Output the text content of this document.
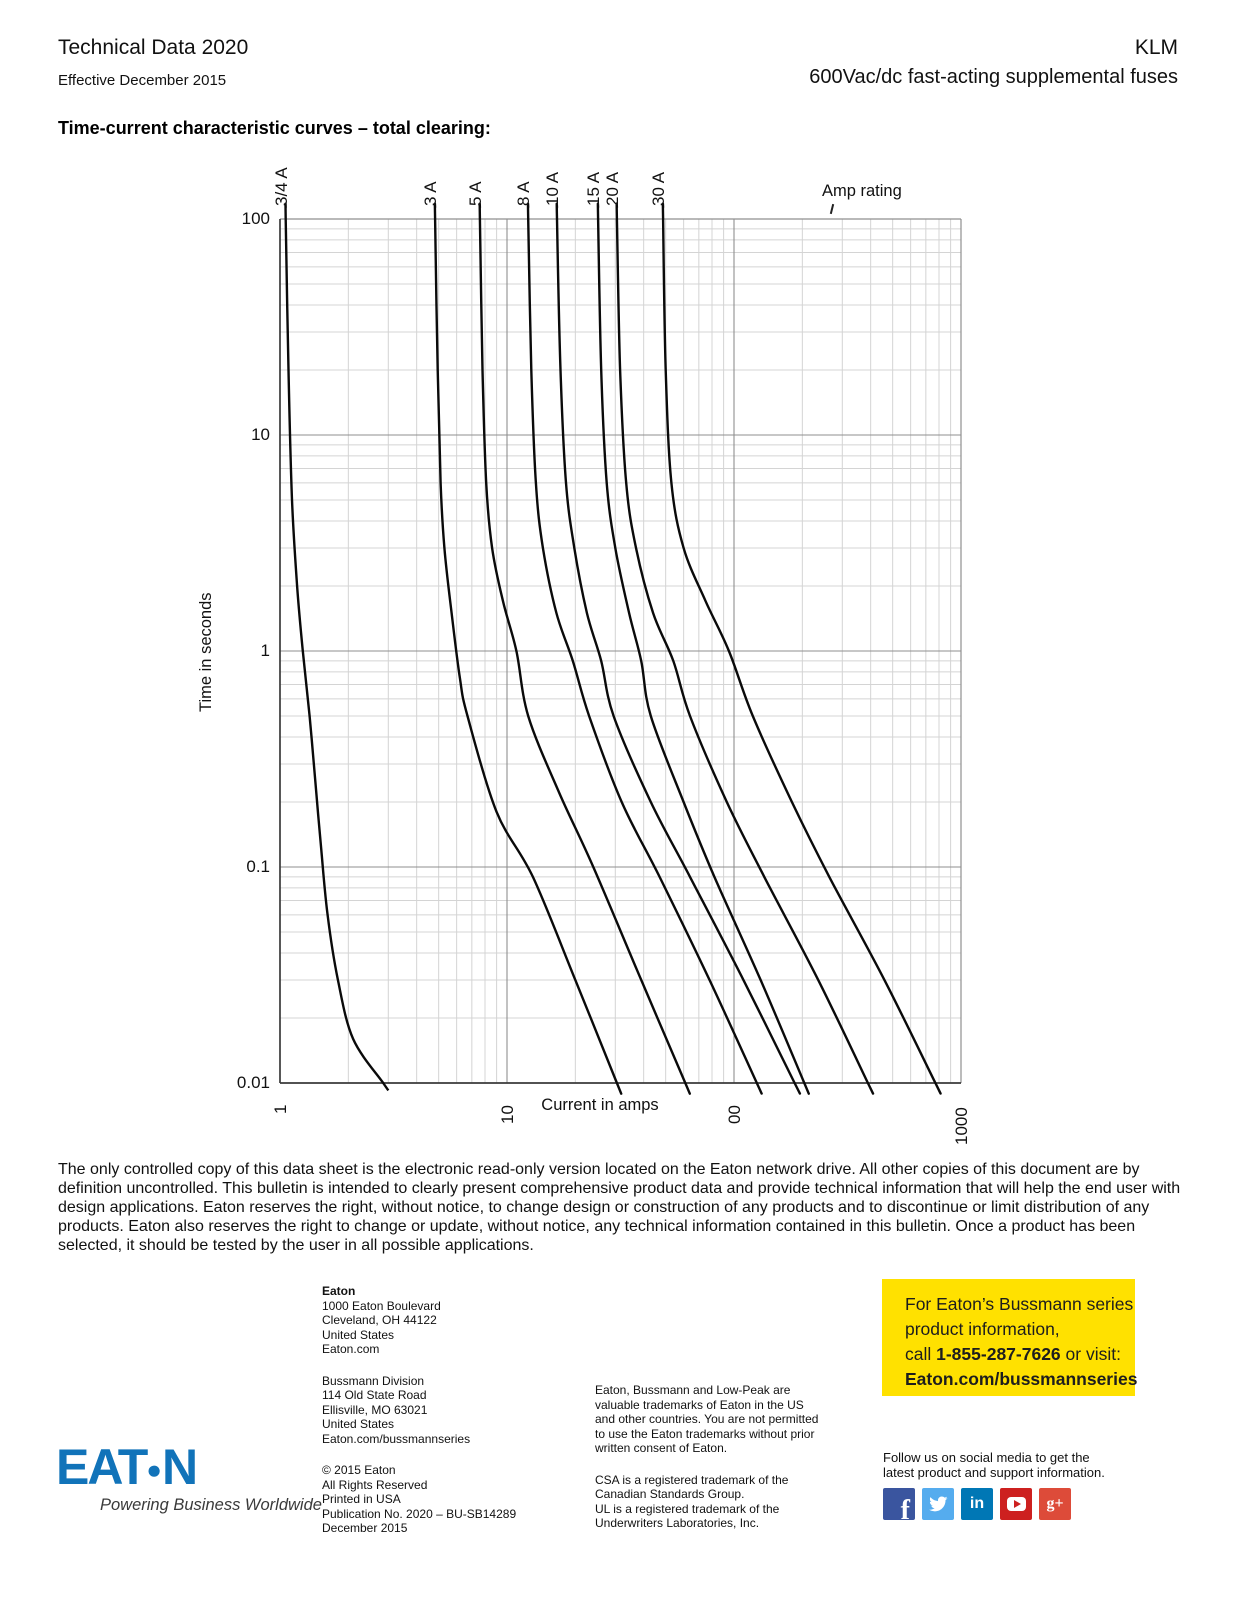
Technical Data 2020
Effective December 2015
KLM
600Vac/dc fast-acting supplemental fuses
Time-current characteristic curves – total clearing:
100
10
1
0.1
0.01
1	10	00	1000
3/4 A	3 A 5 A 8 A 10 A 15 A 20 A 30 A
Time in seconds
Current in amps
Amp rating
The only controlled copy of this data sheet is the electronic read-only version located on the Eaton network drive. All other copies of this document are by definition uncontrolled. This bulletin is intended to clearly present comprehensive product data and provide technical information that will help the end user with design applications. Eaton reserves the right, without notice, to change design or construction of any products and to discontinue or limit distribution of any products. Eaton also reserves the right to change or update, without notice, any technical information contained in this bulletin. Once a product has been selected, it should be tested by the user in all possible applications.
Eaton
1000 Eaton Boulevard
Cleveland, OH 44122
United States
Eaton.com
Bussmann Division
114 Old State Road
Ellisville, MO 63021
United States
Eaton.com/bussmannseries
© 2015 Eaton
All Rights Reserved
Printed in USA
Publication No. 2020 – BU-SB14289
December 2015
Eaton, Bussmann and Low-Peak are
valuable trademarks of Eaton in the US
and other countries. You are not permitted
to use the Eaton trademarks without prior
written consent of Eaton.
CSA is a registered trademark of the
Canadian Standards Group.
UL is a registered trademark of the
Underwriters Laboratories, Inc.
For Eaton’s Bussmann series
product information,
call 1-855-287-7626 or visit:
Eaton.com/bussmannseries
Follow us on social media to get the
latest product and support information.
f	in	g+
EAT●N
Powering Business Worldwide
